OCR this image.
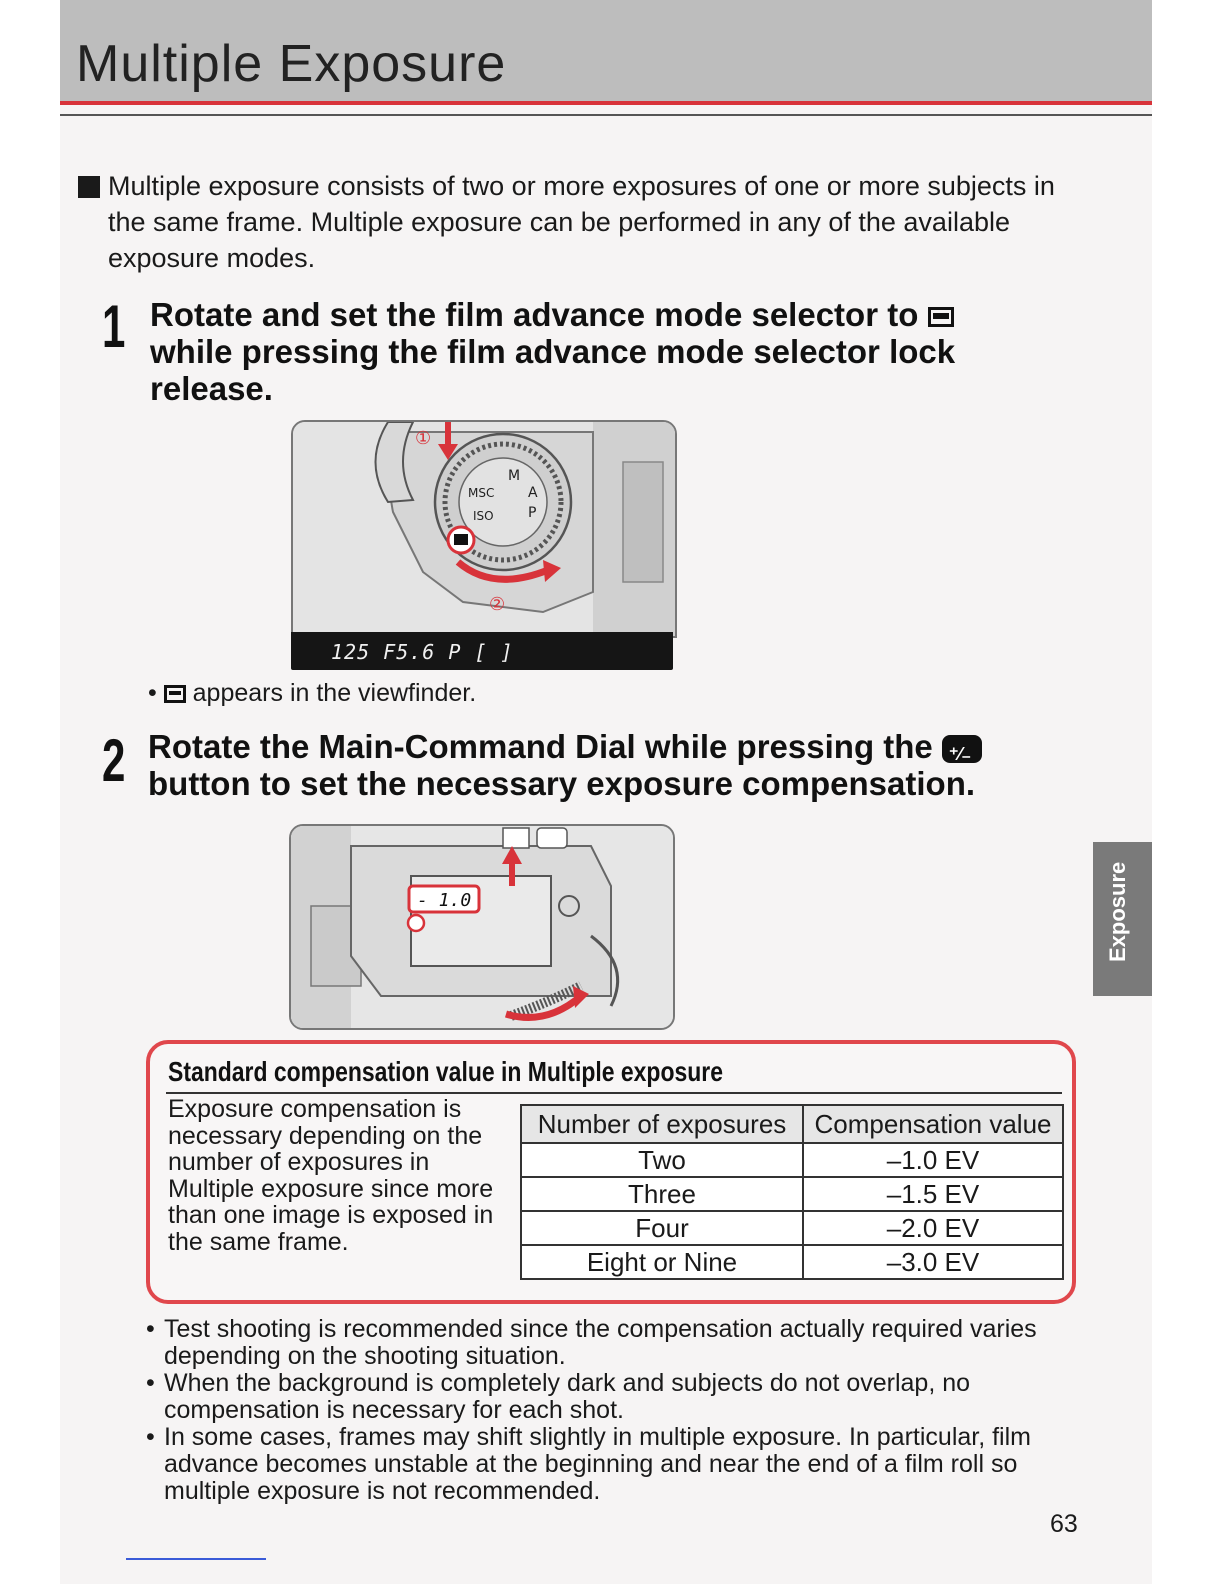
Multiple Exposure
Multiple exposure consists of two or more exposures of one or more subjects in the same frame. Multiple exposure can be performed in any of the available exposure modes.
1 Rotate and set the film advance mode selector to
while pressing the film advance mode selector lock
release.
M
A
P
MSC
ISO
①
②
125 F5.6 P [ ]
•  appears in the viewfinder.
2 Rotate the Main-Command Dial while pressing the ⁺⁄₋
button to set the necessary exposure compensation.
- 1.0
Standard compensation value in Multiple exposure
Exposure compensation is necessary depending on the number of exposures in Multiple exposure since more than one image is exposed in the same frame.
Number of exposures	Compensation value
Two	–1.0 EV
Three	–1.5 EV
Four	–2.0 EV
Eight or Nine	–3.0 EV
• Test shooting is recommended since the compensation actually required varies depending on the shooting situation.
• When the background is completely dark and subjects do not overlap, no compensation is necessary for each shot.
• In some cases, frames may shift slightly in multiple exposure. In particular, film advance becomes unstable at the beginning and near the end of a film roll so multiple exposure is not recommended.
Exposure
63
